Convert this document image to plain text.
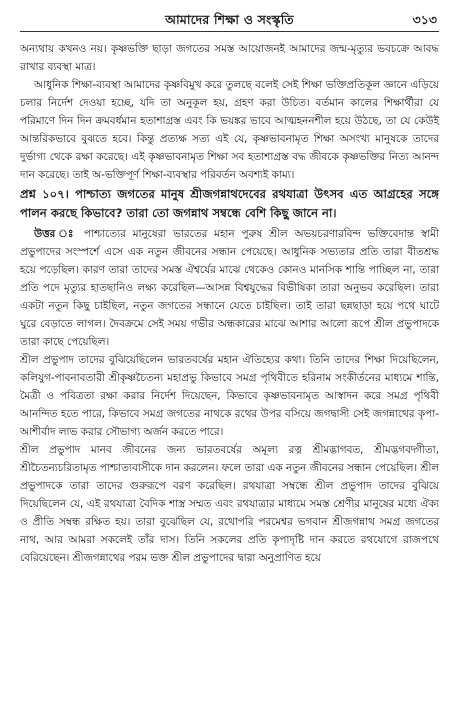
আমাদের শিক্ষা ও সংস্কৃতি	৩১৩

অন্যথায় কখনও নয়। কৃষ্ণভক্তি ছাড়া জগতের সমস্ত আয়োজনই আমাদের জন্ম-মৃত্যুর ভবচক্রে আবদ্ধ রাখার ব্যবস্থা মাত্র।

আধুনিক শিক্ষা-ব্যবস্থা আমাদের কৃষ্ণবিমুখ করে তুলছে বলেই সেই শিক্ষা ভক্তিপ্রতিকূল জ্ঞানে এড়িয়ে চলার নির্দেশ দেওয়া হচ্ছে, যদি তা অনুকূল হয়, গ্রহণ করা উচিত। বর্তমান কালের শিক্ষার্থীরা যে পরিমাণে দিন দিন ক্রমবর্ধমান হতাশাগ্রস্ত এবং কি ভয়ঙ্কর ভাবে আত্মহননশীল হয়ে উঠছে, তা যে কেউই আন্তরিকভাবে বুঝতে হবে। কিন্তু প্রত্যক্ষ সত্য এই যে, কৃষ্ণভাবনামৃত শিক্ষা অসংখ্য মানুষকে তাদের দুর্ভাগ্য থেকে রক্ষা করেছে। এই কৃষ্ণভাবনামৃত শিক্ষা সব হতাশাগ্রস্ত বদ্ধ জীবকে কৃষ্ণভক্তির নিত্য আনন্দ দান করেছে। তাই অ-ভক্তিপূর্ণ শিক্ষা-ব্যবস্থার পরিবর্তন অবশ্যই কাম্য।

প্রশ্ন ১০৭। পাশ্চাত্য জগতের মানুষ শ্রীজগন্নাথদেবের রথযাত্রা উৎসব এত আগ্রহের সঙ্গে পালন করছে কিভাবে? তারা তো জগন্নাথ সম্বন্ধে বেশি কিছু জানে না।

উত্তর ঃ পাশ্চাত্যের মানুষেরা ভারতের মহান পুরুষ শ্রীল অভয়চরণারবিন্দ ভক্তিবেদান্ত স্বামী প্রভুপাদের সংস্পর্শে এসে এক নতুন জীবনের সন্ধান পেয়েছে। আধুনিক সভ্যতার প্রতি তারা বীতশ্রদ্ধ হয়ে পড়েছিল। কারণ তারা তাদের সমস্ত ঐশ্বর্যের মাঝে থেকেও কোনও মানসিক শান্তি পাচ্ছিল না, তারা প্রতি পদে মৃত্যুর হাতছানিও লক্ষ্য করেছিল—আসন্ন বিশ্বযুদ্ধের বিভীষিকা তারা অনুভব করেছিল। তারা একটা নতুন কিছু চাইছিল, নতুন জগতের সন্ধানে যেতে চাইছিল। তাই তারা ছন্নছাড়া হয়ে পথে ঘাটে ঘুরে বেড়াতে লাগল। দৈবক্রমে সেই সময় গভীর অন্ধকারের মাঝে আশার আলো রূপে শ্রীল প্রভুপাদকে তারা কাছে পেয়েছিল।

শ্রীল প্রভুপাদ তাদের বুঝিয়েছিলেন ভারতবর্ষের মহান ঐতিহ্যের কথা। তিনি তাদের শিক্ষা দিয়েছিলেন, কলিযুগ-পাবনাবতারী শ্রীকৃষ্ণচৈতন্য মহাপ্রভু কিভাবে সমগ্র পৃথিবীতে হরিনাম সংকীর্তনের মাধ্যমে শান্তি, মৈত্রী ও পবিত্রতা রক্ষা করার নির্দেশ দিয়েছেন, কিভাবে কৃষ্ণভাবনামৃত আস্বাদন করে সমগ্র পৃথিবী আনন্দিত হতে পারে, কিভাবে সমগ্র জগতের নাথকে রথের উপর বসিয়ে জগদ্বাসী সেই জগন্নাথের কৃপা-আশীর্বাদ লাভ করার সৌভাগ্য অর্জন করতে পারে।

শ্রীল প্রভুপাদ মানব জীবনের জন্য ভারতবর্ষের অমূল্য রত্ন শ্রীমদ্ভাগবত, শ্রীমদ্ভগবদ্গীতা, শ্রীচৈতন্যচরিতামৃত পাশ্চাত্যবাসীকে দান করলেন। ফলে তারা এক নতুন জীবনের সন্ধান পেয়েছিল। শ্রীল প্রভুপাদকে তারা তাদের গুরুরূপে বরণ করেছিল। রথযাত্রা সম্বন্ধে শ্রীল প্রভুপাদ তাদের বুঝিয়ে দিয়েছিলেন যে, এই রথযাত্রা বৈদিক শাস্ত্র সম্মত এবং রথযাত্রার মাধ্যমে সমস্ত শ্রেণীর মানুষের মধ্যে ঐক্য ও প্রীতি সম্বন্ধ রক্ষিত হয়। তারা বুঝেছিল যে, রথোপরি পরমেশ্বর ভগবান শ্রীজগন্নাথ সমগ্র জগতের নাথ, আর আমরা সকলেই তাঁর দাস। তিনি সকলের প্রতি কৃপাদৃষ্টি দান করতে রথযোগে রাজপথে বেরিয়েছেন। শ্রীজগন্নাথের পরম ভক্ত শ্রীল প্রভুপাদের দ্বারা অনুপ্রাণিত হয়ে
